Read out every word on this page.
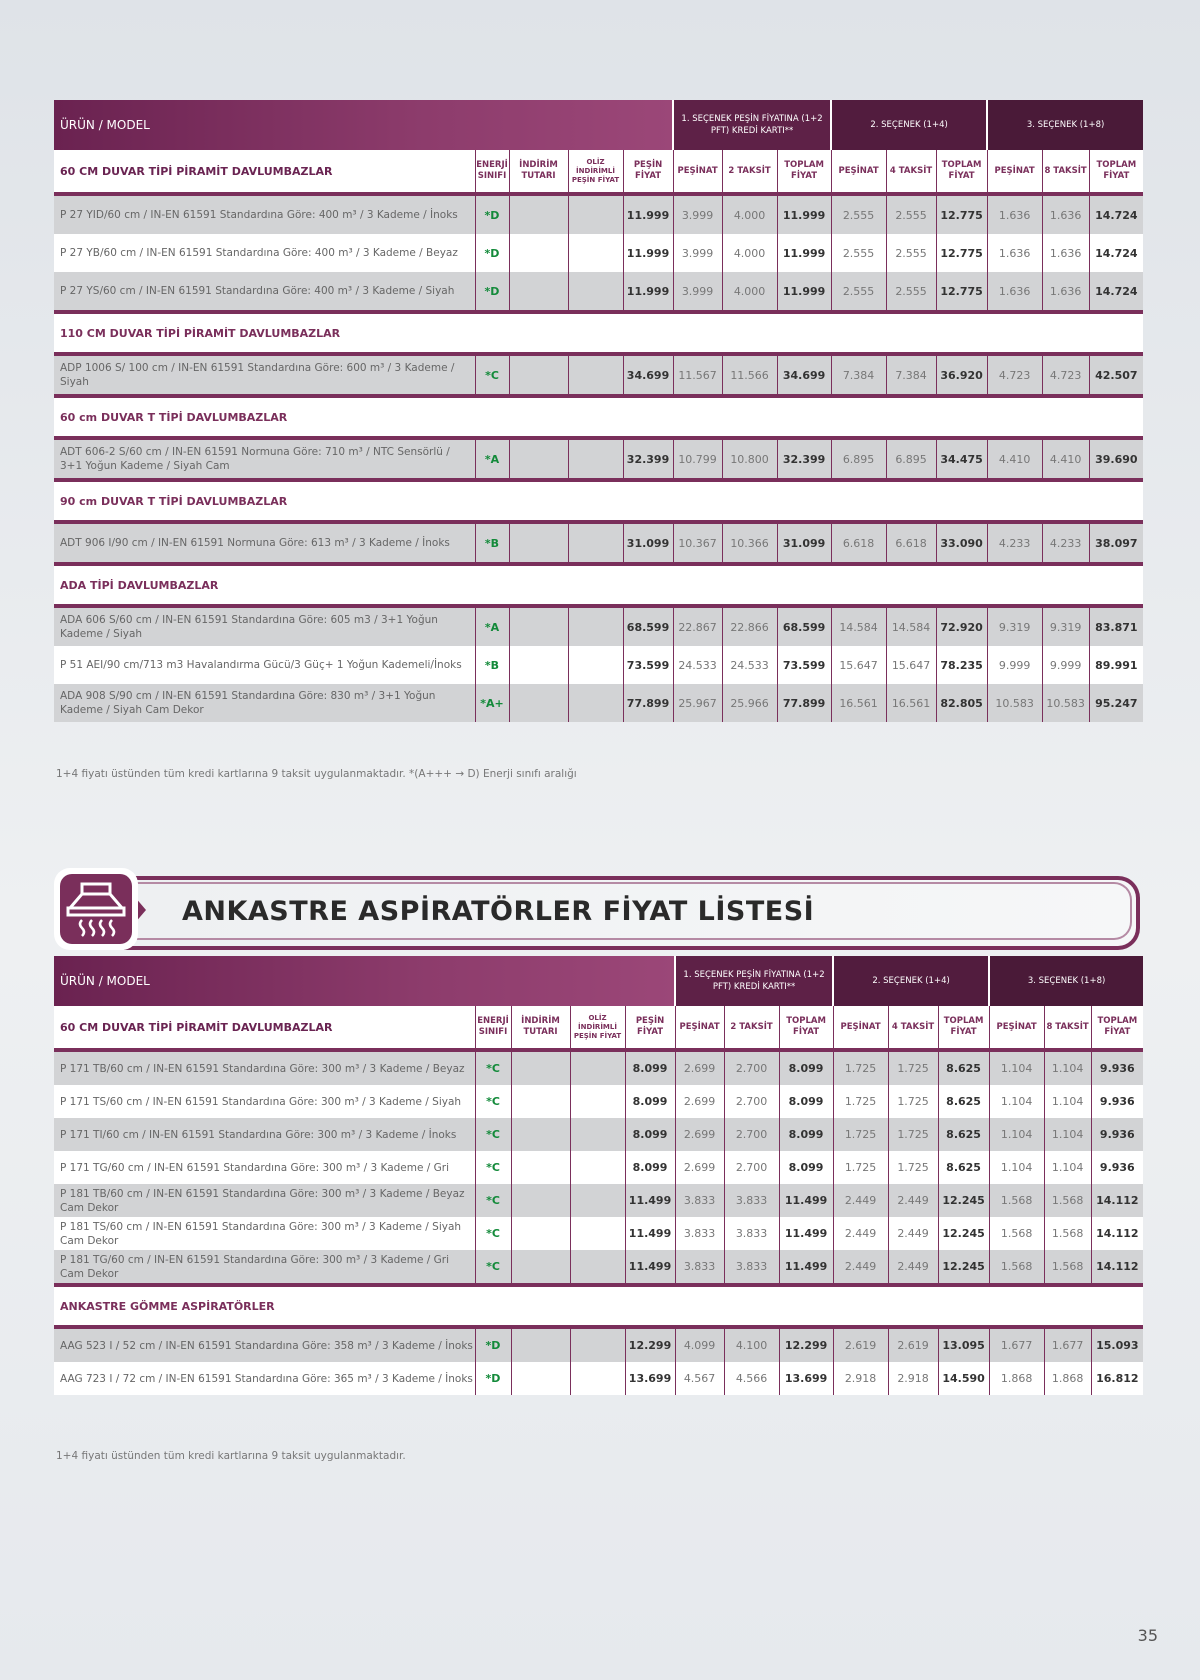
ÜRÜN / MODEL					1. SEÇENEK PEŞİN FİYATINA (1+2 PFT) KREDİ KARTI**			2. SEÇENEK (1+4)			3. SEÇENEK (1+8)		
60 CM DUVAR TİPİ PİRAMİT DAVLUMBAZLAR	ENERJİ SINIFI	İNDİRİM TUTARI	OLİZ İNDİRİMLİ PEŞİN FİYAT	PEŞİN FİYAT	PEŞİNAT	2 TAKSİT	TOPLAM FİYAT	PEŞİNAT	4 TAKSİT	TOPLAM FİYAT	PEŞİNAT	8 TAKSİT	TOPLAM FİYAT
P 27 YID/60 cm / IN-EN 61591 Standardına Göre: 400 m³ / 3 Kademe / İnoks	*D			11.999	3.999	4.000	11.999	2.555	2.555	12.775	1.636	1.636	14.724
P 27 YB/60 cm / IN-EN 61591 Standardına Göre: 400 m³ / 3 Kademe / Beyaz	*D			11.999	3.999	4.000	11.999	2.555	2.555	12.775	1.636	1.636	14.724
P 27 YS/60 cm / IN-EN 61591 Standardına Göre: 400 m³ / 3 Kademe / Siyah	*D			11.999	3.999	4.000	11.999	2.555	2.555	12.775	1.636	1.636	14.724
110 CM DUVAR TİPİ PİRAMİT DAVLUMBAZLAR													
ADP 1006 S/ 100 cm / IN-EN 61591 Standardına Göre: 600 m³ / 3 Kademe / Siyah	*C			34.699	11.567	11.566	34.699	7.384	7.384	36.920	4.723	4.723	42.507
60 cm DUVAR T TİPİ DAVLUMBAZLAR													
ADT 606-2 S/60 cm / IN-EN 61591 Normuna Göre: 710 m³ / NTC Sensörlü / 3+1 Yoğun Kademe / Siyah Cam	*A			32.399	10.799	10.800	32.399	6.895	6.895	34.475	4.410	4.410	39.690
90 cm DUVAR T TİPİ DAVLUMBAZLAR													
ADT 906 I/90 cm / IN-EN 61591 Normuna Göre: 613 m³ / 3 Kademe / İnoks	*B			31.099	10.367	10.366	31.099	6.618	6.618	33.090	4.233	4.233	38.097
ADA TİPİ DAVLUMBAZLAR													
ADA 606 S/60 cm / IN-EN 61591 Standardına Göre: 605 m3 / 3+1 Yoğun Kademe / Siyah	*A			68.599	22.867	22.866	68.599	14.584	14.584	72.920	9.319	9.319	83.871
P 51 AEI/90 cm/713 m3 Havalandırma Gücü/3 Güç+ 1 Yoğun Kademeli/İnoks	*B			73.599	24.533	24.533	73.599	15.647	15.647	78.235	9.999	9.999	89.991
ADA 908 S/90 cm / IN-EN 61591 Standardına Göre: 830 m³ / 3+1 Yoğun Kademe / Siyah Cam Dekor	*A+			77.899	25.967	25.966	77.899	16.561	16.561	82.805	10.583	10.583	95.247
1+4 fiyatı üstünden tüm kredi kartlarına 9 taksit uygulanmaktadır. *(A+++ → D) Enerji sınıfı aralığı
ANKASTRE ASPİRATÖRLER FİYAT LİSTESİ
ÜRÜN / MODEL					1. SEÇENEK PEŞİN FİYATINA (1+2 PFT) KREDİ KARTI**			2. SEÇENEK (1+4)			3. SEÇENEK (1+8)		
60 CM DUVAR TİPİ PİRAMİT DAVLUMBAZLAR	ENERJİ SINIFI	İNDİRİM TUTARI	OLİZ İNDİRİMLİ PEŞİN FİYAT	PEŞİN FİYAT	PEŞİNAT	2 TAKSİT	TOPLAM FİYAT	PEŞİNAT	4 TAKSİT	TOPLAM FİYAT	PEŞİNAT	8 TAKSİT	TOPLAM FİYAT
P 171 TB/60 cm / IN-EN 61591 Standardına Göre: 300 m³ / 3 Kademe / Beyaz	*C			8.099	2.699	2.700	8.099	1.725	1.725	8.625	1.104	1.104	9.936
P 171 TS/60 cm / IN-EN 61591 Standardına Göre: 300 m³ / 3 Kademe / Siyah	*C			8.099	2.699	2.700	8.099	1.725	1.725	8.625	1.104	1.104	9.936
P 171 TI/60 cm / IN-EN 61591 Standardına Göre: 300 m³ / 3 Kademe / İnoks	*C			8.099	2.699	2.700	8.099	1.725	1.725	8.625	1.104	1.104	9.936
P 171 TG/60 cm / IN-EN 61591 Standardına Göre: 300 m³ / 3 Kademe / Gri	*C			8.099	2.699	2.700	8.099	1.725	1.725	8.625	1.104	1.104	9.936
P 181 TB/60 cm / IN-EN 61591 Standardına Göre: 300 m³ / 3 Kademe / Beyaz Cam Dekor	*C			11.499	3.833	3.833	11.499	2.449	2.449	12.245	1.568	1.568	14.112
P 181 TS/60 cm / IN-EN 61591 Standardına Göre: 300 m³ / 3 Kademe / Siyah Cam Dekor	*C			11.499	3.833	3.833	11.499	2.449	2.449	12.245	1.568	1.568	14.112
P 181 TG/60 cm / IN-EN 61591 Standardına Göre: 300 m³ / 3 Kademe / Gri Cam Dekor	*C			11.499	3.833	3.833	11.499	2.449	2.449	12.245	1.568	1.568	14.112
ANKASTRE GÖMME ASPİRATÖRLER													
AAG 523 I / 52 cm / IN-EN 61591 Standardına Göre: 358 m³ / 3 Kademe / İnoks	*D			12.299	4.099	4.100	12.299	2.619	2.619	13.095	1.677	1.677	15.093
AAG 723 I / 72 cm / IN-EN 61591 Standardına Göre: 365 m³ / 3 Kademe / İnoks	*D			13.699	4.567	4.566	13.699	2.918	2.918	14.590	1.868	1.868	16.812
1+4 fiyatı üstünden tüm kredi kartlarına 9 taksit uygulanmaktadır.
35
